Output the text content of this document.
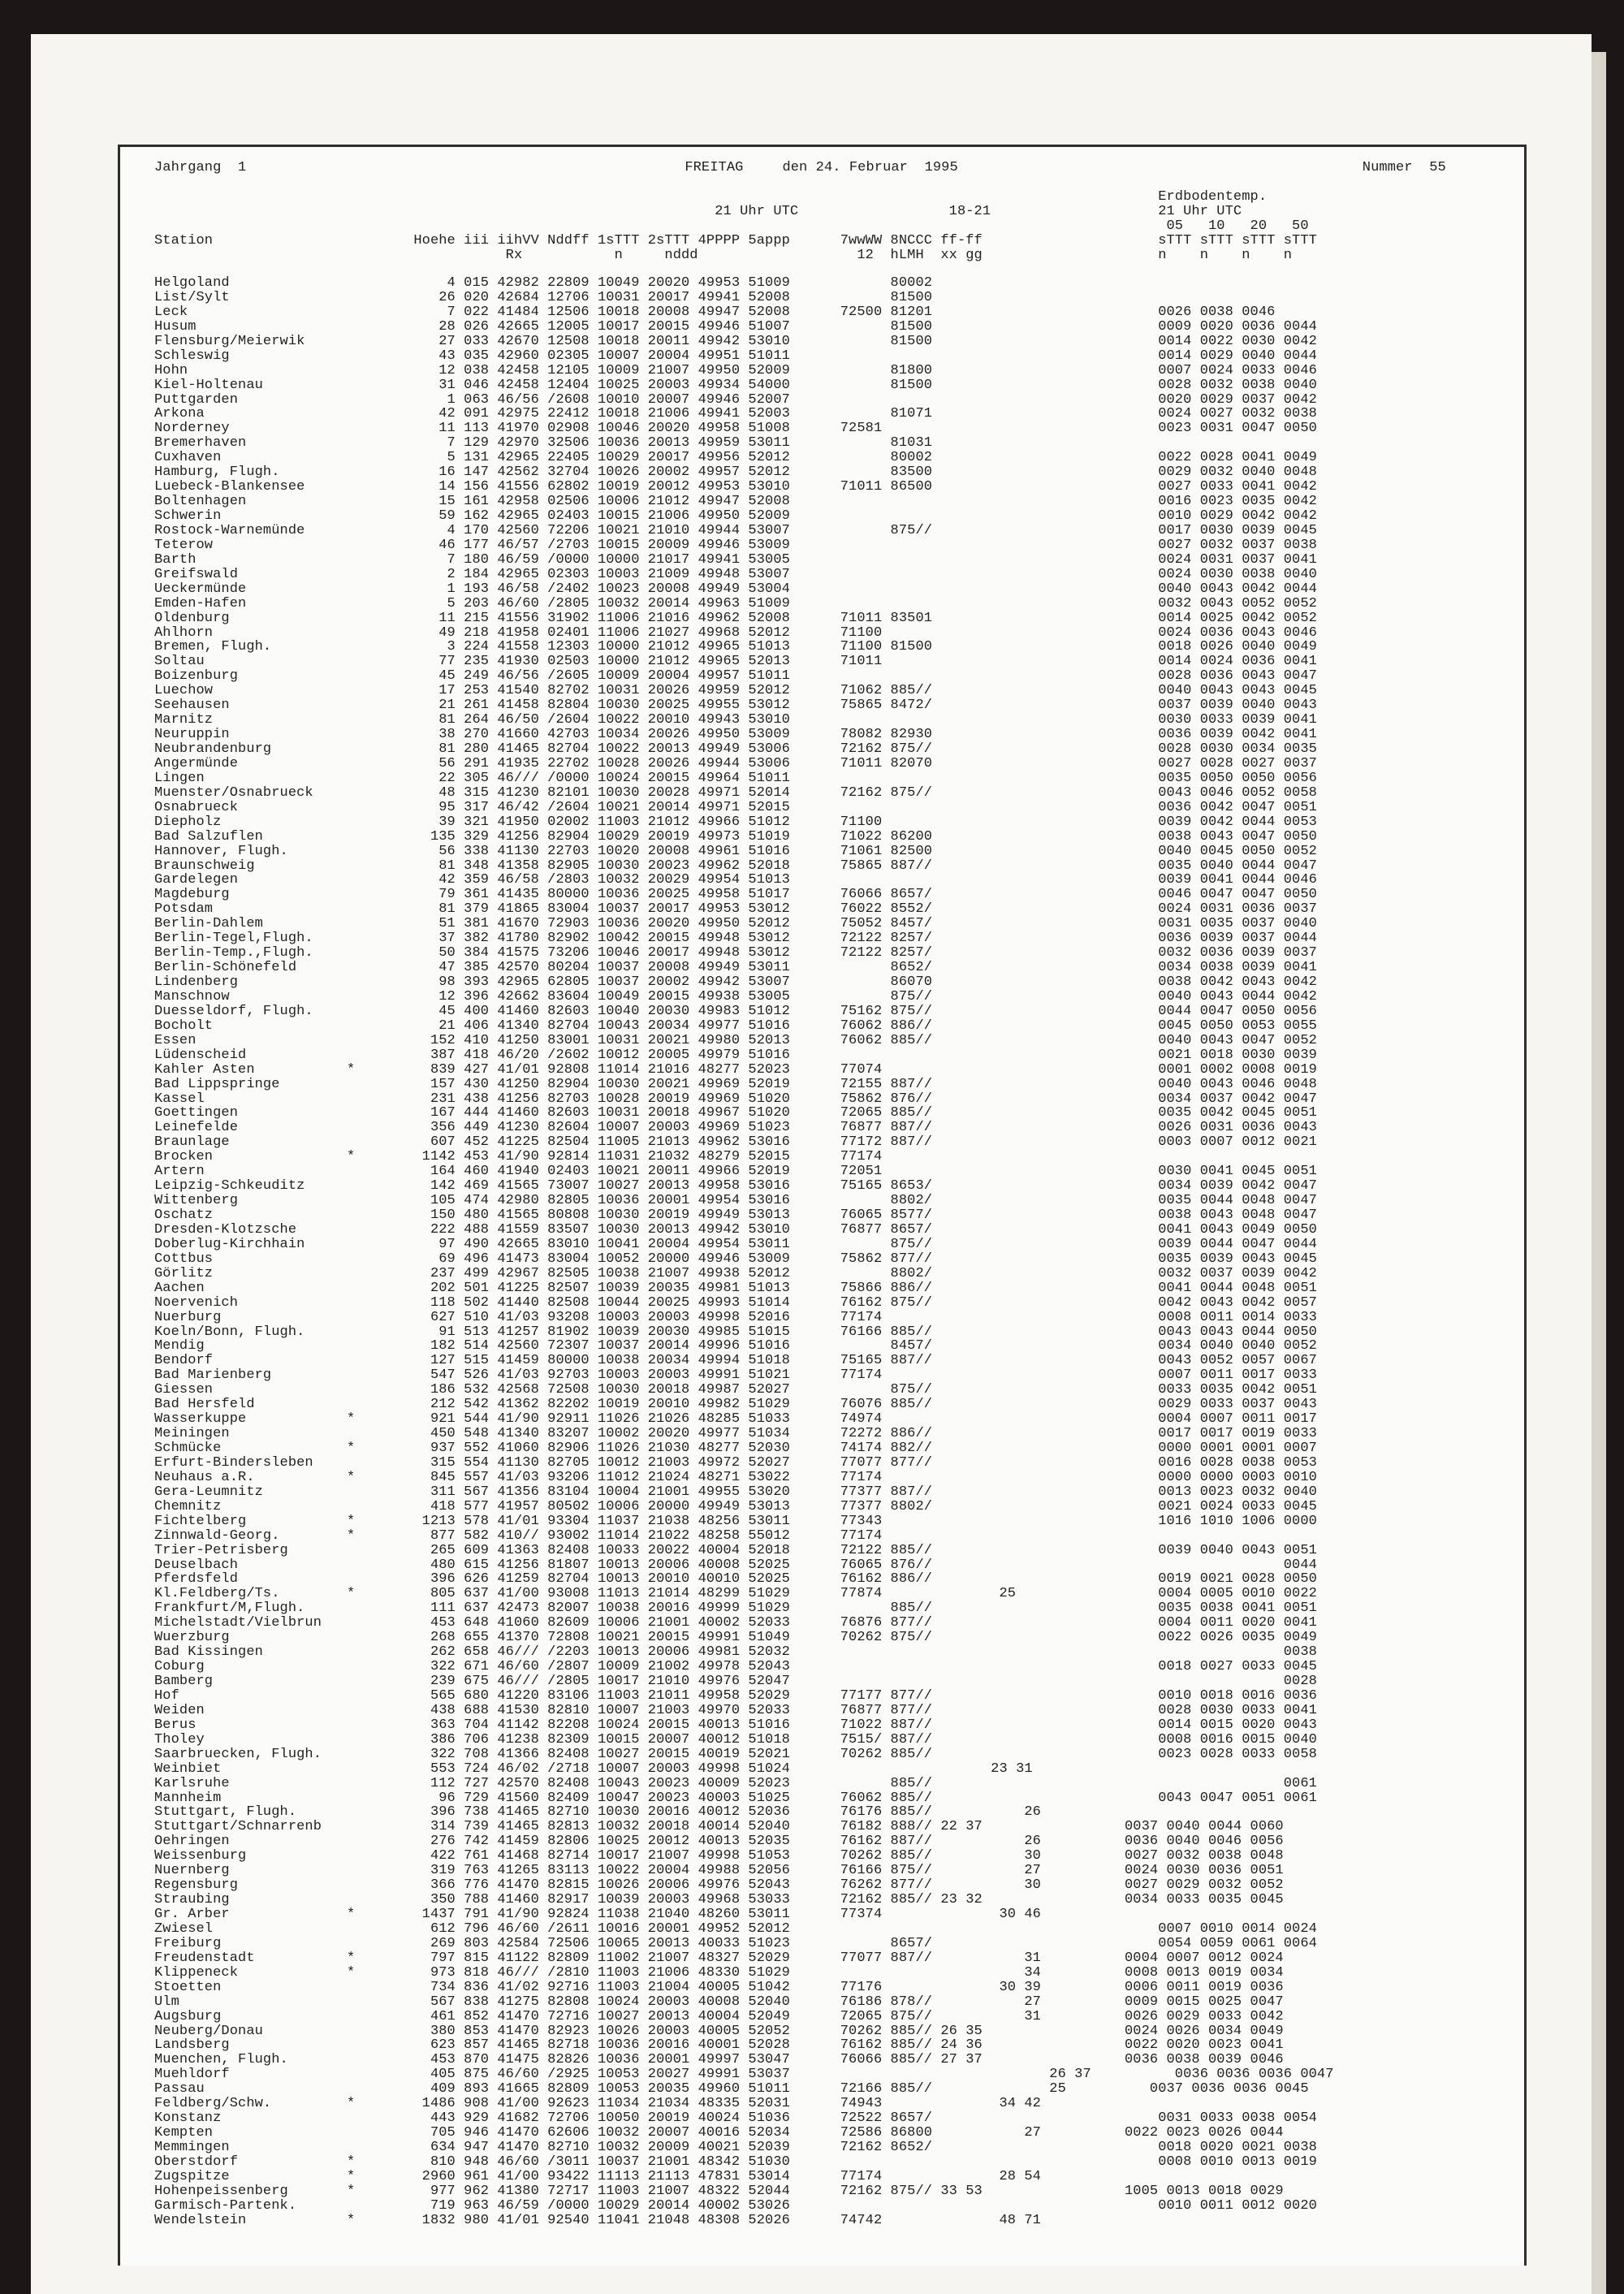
Jahrgang  1	FREITAG	den 24. Februar  1995	Nummer  55
Erdbodentemp.
21 Uhr UTC                  18-21                    21 Uhr UTC
05   10   20   50
Station                        Hoehe iii iihVV Nddff 1sTTT 2sTTT 4PPPP 5appp      7wwWW 8NCCC ff-ff                     sTTT sTTT sTTT sTTT
Rx           n     nddd                   12  hLMH  xx gg                     n    n    n    n
Helgoland                          4 015 42982 22809 10049 20020 49953 51009            80002
List/Sylt                         26 020 42684 12706 10031 20017 49941 52008            81500
Leck                               7 022 41484 12506 10018 20008 49947 52008      72500 81201                           0026 0038 0046
Husum                             28 026 42665 12005 10017 20015 49946 51007            81500                           0009 0020 0036 0044
Flensburg/Meierwik                27 033 42670 12508 10018 20011 49942 53010            81500                           0014 0022 0030 0042
Schleswig                         43 035 42960 02305 10007 20004 49951 51011                                            0014 0029 0040 0044
Hohn                              12 038 42458 12105 10009 21007 49950 52009            81800                           0007 0024 0033 0046
Kiel-Holtenau                     31 046 42458 12404 10025 20003 49934 54000            81500                           0028 0032 0038 0040
Puttgarden                         1 063 46/56 /2608 10010 20007 49946 52007                                            0020 0029 0037 0042
Arkona                            42 091 42975 22412 10018 21006 49941 52003            81071                           0024 0027 0032 0038
Norderney                         11 113 41970 02908 10046 20020 49958 51008      72581                                 0023 0031 0047 0050
Bremerhaven                        7 129 42970 32506 10036 20013 49959 53011            81031
Cuxhaven                           5 131 42965 22405 10029 20017 49956 52012            80002                           0022 0028 0041 0049
Hamburg, Flugh.                   16 147 42562 32704 10026 20002 49957 52012            83500                           0029 0032 0040 0048
Luebeck-Blankensee                14 156 41556 62802 10019 20012 49953 53010      71011 86500                           0027 0033 0041 0042
Boltenhagen                       15 161 42958 02506 10006 21012 49947 52008                                            0016 0023 0035 0042
Schwerin                          59 162 42965 02403 10015 21006 49950 52009                                            0010 0029 0042 0042
Rostock-Warnemünde                 4 170 42560 72206 10021 21010 49944 53007            875//                           0017 0030 0039 0045
Teterow                           46 177 46/57 /2703 10015 20009 49946 53009                                            0027 0032 0037 0038
Barth                              7 180 46/59 /0000 10000 21017 49941 53005                                            0024 0031 0037 0041
Greifswald                         2 184 42965 02303 10003 21009 49948 53007                                            0024 0030 0038 0040
Ueckermünde                        1 193 46/58 /2402 10023 20008 49949 53004                                            0040 0043 0042 0044
Emden-Hafen                        5 203 46/60 /2805 10032 20014 49963 51009                                            0032 0043 0052 0052
Oldenburg                         11 215 41556 31902 11006 21016 49962 52008      71011 83501                           0014 0025 0042 0052
Ahlhorn                           49 218 41958 02401 11006 21027 49968 52012      71100                                 0024 0036 0043 0046
Bremen, Flugh.                     3 224 41558 12303 10000 21012 49965 51013      71100 81500                           0018 0026 0040 0049
Soltau                            77 235 41930 02503 10000 21012 49965 52013      71011                                 0014 0024 0036 0041
Boizenburg                        45 249 46/56 /2605 10009 20004 49957 51011                                            0028 0036 0043 0047
Luechow                           17 253 41540 82702 10031 20026 49959 52012      71062 885//                           0040 0043 0043 0045
Seehausen                         21 261 41458 82804 10030 20025 49955 53012      75865 8472/                           0037 0039 0040 0043
Marnitz                           81 264 46/50 /2604 10022 20010 49943 53010                                            0030 0033 0039 0041
Neuruppin                         38 270 41660 42703 10034 20026 49950 53009      78082 82930                           0036 0039 0042 0041
Neubrandenburg                    81 280 41465 82704 10022 20013 49949 53006      72162 875//                           0028 0030 0034 0035
Angermünde                        56 291 41935 22702 10028 20026 49944 53006      71011 82070                           0027 0028 0027 0037
Lingen                            22 305 46/// /0000 10024 20015 49964 51011                                            0035 0050 0050 0056
Muenster/Osnabrueck               48 315 41230 82101 10030 20028 49971 52014      72162 875//                           0043 0046 0052 0058
Osnabrueck                        95 317 46/42 /2604 10021 20014 49971 52015                                            0036 0042 0047 0051
Diepholz                          39 321 41950 02002 11003 21012 49966 51012      71100                                 0039 0042 0044 0053
Bad Salzuflen                    135 329 41256 82904 10029 20019 49973 51019      71022 86200                           0038 0043 0047 0050
Hannover, Flugh.                  56 338 41130 22703 10020 20008 49961 51016      71061 82500                           0040 0045 0050 0052
Braunschweig                      81 348 41358 82905 10030 20023 49962 52018      75865 887//                           0035 0040 0044 0047
Gardelegen                        42 359 46/58 /2803 10032 20029 49954 51013                                            0039 0041 0044 0046
Magdeburg                         79 361 41435 80000 10036 20025 49958 51017      76066 8657/                           0046 0047 0047 0050
Potsdam                           81 379 41865 83004 10037 20017 49953 53012      76022 8552/                           0024 0031 0036 0037
Berlin-Dahlem                     51 381 41670 72903 10036 20020 49950 52012      75052 8457/                           0031 0035 0037 0040
Berlin-Tegel,Flugh.               37 382 41780 82902 10042 20015 49948 53012      72122 8257/                           0036 0039 0037 0044
Berlin-Temp.,Flugh.               50 384 41575 73206 10046 20017 49948 53012      72122 8257/                           0032 0036 0039 0037
Berlin-Schönefeld                 47 385 42570 80204 10037 20008 49949 53011            8652/                           0034 0038 0039 0041
Lindenberg                        98 393 42965 62805 10037 20002 49942 53007            86070                           0038 0042 0043 0042
Manschnow                         12 396 42662 83604 10049 20015 49938 53005            875//                           0040 0043 0044 0042
Duesseldorf, Flugh.               45 400 41460 82603 10040 20030 49983 51012      75162 875//                           0044 0047 0050 0056
Bocholt                           21 406 41340 82704 10043 20034 49977 51016      76062 886//                           0045 0050 0053 0055
Essen                            152 410 41250 83001 10031 20021 49980 52013      76062 885//                           0040 0043 0047 0052
Lüdenscheid                      387 418 46/20 /2602 10012 20005 49979 51016                                            0021 0018 0030 0039
Kahler Asten           *         839 427 41/01 92808 11014 21016 48277 52023      77074                                 0001 0002 0008 0019
Bad Lippspringe                  157 430 41250 82904 10030 20021 49969 52019      72155 887//                           0040 0043 0046 0048
Kassel                           231 438 41256 82703 10028 20019 49969 51020      75862 876//                           0034 0037 0042 0047
Goettingen                       167 444 41460 82603 10031 20018 49967 51020      72065 885//                           0035 0042 0045 0051
Leinefelde                       356 449 41230 82604 10007 20003 49969 51023      76877 887//                           0026 0031 0036 0043
Braunlage                        607 452 41225 82504 11005 21013 49962 53016      77172 887//                           0003 0007 0012 0021
Brocken                *        1142 453 41/90 92814 11031 21032 48279 52015      77174
Artern                           164 460 41940 02403 10021 20011 49966 52019      72051                                 0030 0041 0045 0051
Leipzig-Schkeuditz               142 469 41565 73007 10027 20013 49958 53016      75165 8653/                           0034 0039 0042 0047
Wittenberg                       105 474 42980 82805 10036 20001 49954 53016            8802/                           0035 0044 0048 0047
Oschatz                          150 480 41565 80808 10030 20019 49949 53013      76065 8577/                           0038 0043 0048 0047
Dresden-Klotzsche                222 488 41559 83507 10030 20013 49942 53010      76877 8657/                           0041 0043 0049 0050
Doberlug-Kirchhain                97 490 42665 83010 10041 20004 49954 53011            875//                           0039 0044 0047 0044
Cottbus                           69 496 41473 83004 10052 20000 49946 53009      75862 877//                           0035 0039 0043 0045
Görlitz                          237 499 42967 82505 10038 21007 49938 52012            8802/                           0032 0037 0039 0042
Aachen                           202 501 41225 82507 10039 20035 49981 51013      75866 886//                           0041 0044 0048 0051
Noervenich                       118 502 41440 82508 10044 20025 49993 51014      76162 875//                           0042 0043 0042 0057
Nuerburg                         627 510 41/03 93208 10003 20003 49998 52016      77174                                 0008 0011 0014 0033
Koeln/Bonn, Flugh.                91 513 41257 81902 10039 20030 49985 51015      76166 885//                           0043 0043 0044 0050
Mendig                           182 514 42560 72307 10037 20014 49996 51016            8457/                           0034 0040 0040 0052
Bendorf                          127 515 41459 80000 10038 20034 49994 51018      75165 887//                           0043 0052 0057 0067
Bad Marienberg                   547 526 41/03 92703 10003 20003 49991 51021      77174                                 0007 0011 0017 0033
Giessen                          186 532 42568 72508 10030 20018 49987 52027            875//                           0033 0035 0042 0051
Bad Hersfeld                     212 542 41362 82202 10019 20010 49982 51029      76076 885//                           0029 0033 0037 0043
Wasserkuppe            *         921 544 41/90 92911 11026 21026 48285 51033      74974                                 0004 0007 0011 0017
Meiningen                        450 548 41340 83207 10002 20020 49977 51034      72272 886//                           0017 0017 0019 0033
Schmücke               *         937 552 41060 82906 11026 21030 48277 52030      74174 882//                           0000 0001 0001 0007
Erfurt-Bindersleben              315 554 41130 82705 10012 21003 49972 52027      77077 877//                           0016 0028 0038 0053
Neuhaus a.R.           *         845 557 41/03 93206 11012 21024 48271 53022      77174                                 0000 0000 0003 0010
Gera-Leumnitz                    311 567 41356 83104 10004 21001 49955 53020      77377 887//                           0013 0023 0032 0040
Chemnitz                         418 577 41957 80502 10006 20000 49949 53013      77377 8802/                           0021 0024 0033 0045
Fichtelberg            *        1213 578 41/01 93304 11037 21038 48256 53011      77343                                 1016 1010 1006 0000
Zinnwald-Georg.        *         877 582 410// 93002 11014 21022 48258 55012      77174
Trier-Petrisberg                 265 609 41363 82408 10033 20022 40004 52018      72122 885//                           0039 0040 0043 0051
Deuselbach                       480 615 41256 81807 10013 20006 40008 52025      76065 876//                                          0044
Pferdsfeld                       396 626 41259 82704 10013 20010 40010 52025      76162 886//                           0019 0021 0028 0050
Kl.Feldberg/Ts.        *         805 637 41/00 93008 11013 21014 48299 51029      77874              25                 0004 0005 0010 0022
Frankfurt/M,Flugh.               111 637 42473 82007 10038 20016 49999 51029            885//                           0035 0038 0041 0051
Michelstadt/Vielbrun             453 648 41060 82609 10006 21001 40002 52033      76876 877//                           0004 0011 0020 0041
Wuerzburg                        268 655 41370 72808 10021 20015 49991 51049      70262 875//                           0022 0026 0035 0049
Bad Kissingen                    262 658 46/// /2203 10013 20006 49981 52032                                                           0038
Coburg                           322 671 46/60 /2807 10009 21002 49978 52043                                            0018 0027 0033 0045
Bamberg                          239 675 46/// /2805 10017 21010 49976 52047                                                           0028
Hof                              565 680 41220 83106 11003 21011 49958 52029      77177 877//                           0010 0018 0016 0036
Weiden                           438 688 41530 82810 10007 21003 49970 52033      76877 877//                           0028 0030 0033 0041
Berus                            363 704 41142 82208 10024 20015 40013 51016      71022 887//                           0014 0015 0020 0043
Tholey                           386 706 41238 82309 10015 20007 40012 51018      7515/ 887//                           0008 0016 0015 0040
Saarbruecken, Flugh.             322 708 41366 82408 10027 20015 40019 52021      70262 885//                           0023 0028 0033 0058
Weinbiet                         553 724 46/02 /2718 10007 20003 49998 51024                        23 31
Karlsruhe                        112 727 42570 82408 10043 20023 40009 52023            885//                                          0061
Mannheim                          96 729 41560 82409 10047 20023 40003 51025      76062 885//                           0043 0047 0051 0061
Stuttgart, Flugh.                396 738 41465 82710 10030 20016 40012 52036      76176 885//           26
Stuttgart/Schnarrenb             314 739 41465 82813 10032 20018 40014 52040      76182 888// 22 37                 0037 0040 0044 0060
Oehringen                        276 742 41459 82806 10025 20012 40013 52035      76162 887//           26          0036 0040 0046 0056
Weissenburg                      422 761 41468 82714 10017 21007 49998 51053      70262 885//           30          0027 0032 0038 0048
Nuernberg                        319 763 41265 83113 10022 20004 49988 52056      76166 875//           27          0024 0030 0036 0051
Regensburg                       366 776 41470 82815 10026 20006 49976 52043      76262 877//           30          0027 0029 0032 0052
Straubing                        350 788 41460 82917 10039 20003 49968 53033      72162 885// 23 32                 0034 0033 0035 0045
Gr. Arber              *        1437 791 41/90 92824 11038 21040 48260 53011      77374              30 46
Zwiesel                          612 796 46/60 /2611 10016 20001 49952 52012                                            0007 0010 0014 0024
Freiburg                         269 803 42584 72506 10065 20013 40033 51023            8657/                           0054 0059 0061 0064
Freudenstadt           *         797 815 41122 82809 11002 21007 48327 52029      77077 887//           31          0004 0007 0012 0024
Klippeneck             *         973 818 46/// /2810 11003 21006 48330 51029                            34          0008 0013 0019 0034
Stoetten                         734 836 41/02 92716 11003 21004 40005 51042      77176              30 39          0006 0011 0019 0036
Ulm                              567 838 41275 82808 10024 20003 40008 52040      76186 878//           27          0009 0015 0025 0047
Augsburg                         461 852 41470 72716 10027 20013 40004 52049      72065 875//           31          0026 0029 0033 0042
Neuberg/Donau                    380 853 41470 82923 10026 20003 40005 52052      70262 885// 26 35                 0024 0026 0034 0049
Landsberg                        623 857 41465 82718 10036 20016 40001 52028      76162 885// 24 36                 0022 0020 0023 0041
Muenchen, Flugh.                 453 870 41475 82826 10036 20001 49997 53047      76066 885// 27 37                 0036 0038 0039 0046
Muehldorf                        405 875 46/60 /2925 10053 20027 49991 53037                               26 37          0036 0036 0036 0047
Passau                           409 893 41665 82809 10053 20035 49960 51011      72166 885//              25          0037 0036 0036 0045
Feldberg/Schw.         *        1486 908 41/00 92623 11034 21034 48335 52031      74943              34 42
Konstanz                         443 929 41682 72706 10050 20019 40024 51036      72522 8657/                           0031 0033 0038 0054
Kempten                          705 946 41470 62606 10032 20007 40016 52034      72586 86800           27          0022 0023 0026 0044
Memmingen                        634 947 41470 82710 10032 20009 40021 52039      72162 8652/                           0018 0020 0021 0038
Oberstdorf             *         810 948 46/60 /3011 10037 21001 48342 51030                                            0008 0010 0013 0019
Zugspitze              *        2960 961 41/00 93422 11113 21113 47831 53014      77174              28 54
Hohenpeissenberg       *         977 962 41380 72717 11003 21007 48322 52044      72162 875// 33 53                 1005 0013 0018 0029
Garmisch-Partenk.                719 963 46/59 /0000 10029 20014 40002 53026                                            0010 0011 0012 0020
Wendelstein            *        1832 980 41/01 92540 11041 21048 48308 52026      74742              48 71
